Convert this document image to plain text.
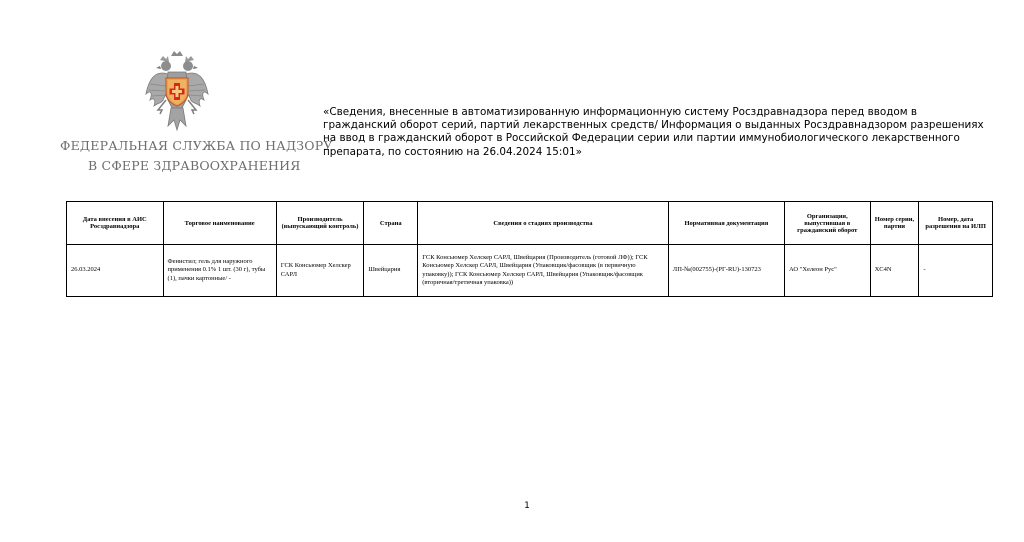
ФЕДЕРАЛЬНАЯ СЛУЖБА ПО НАДЗОРУ
В СФЕРЕ ЗДРАВООХРАНЕНИЯ
«Сведения, внесенные в автоматизированную информационную систему Росздравнадзора перед вводом в гражданский оборот серий, партий лекарственных средств/ Информация о выданных Росздравнадзором разрешениях на ввод в гражданский оборот в Российской Федерации серии или партии иммунобиологического лекарственного препарата, по состоянию на 26.04.2024 15:01»
Дата внесения в АИС Росздравнадзора	Торговое наименование	Производитель (выпускающий контроль)	Страна	Сведения о стадиях производства	Нормативная документация	Организация, выпустившая в гражданский оборот	Номер серии, партии	Номер, дата разрешения на ИЛП
26.03.2024	Фенистил; гель для наружного применения 0.1% 1 шт. (30 г), тубы (1), пачки картонные/ -	ГСК Консьюмер Хелскер САРЛ	Швейцария	ГСК Консьюмер Хелскер САРЛ, Швейцария (Производитель (готовой ЛФ)); ГСК Консьюмер Хелскер САРЛ, Швейцария (Упаковщик/фасовщик (в первичную упаковку)); ГСК Консьюмер Хелскер САРЛ, Швейцария (Упаковщик/фасовщик (вторичная/третичная упаковка))	ЛП-№(002755)-(РГ-RU)-130723	АО "Хелеон Рус"	XC4N	-
1
